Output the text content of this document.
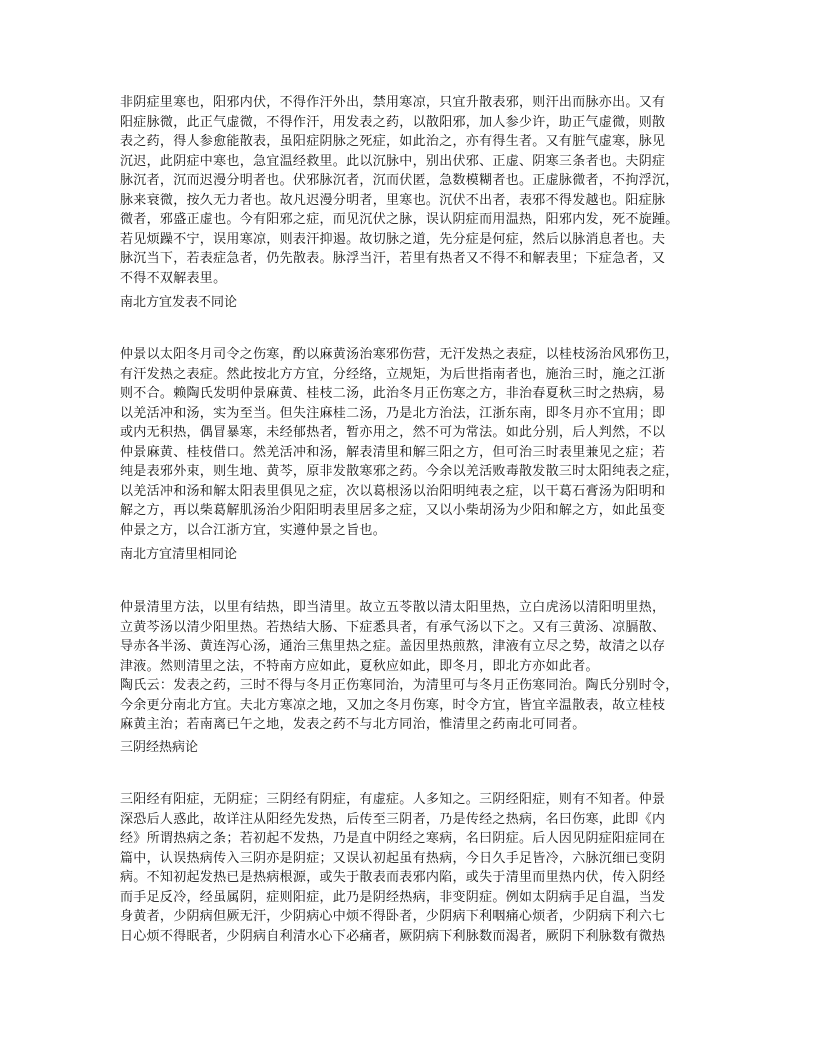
非阴症里寒也，阳邪内伏，不得作汗外出，禁用寒凉，只宜升散表邪，则汗出而脉亦出。又有
阳症脉微，此正气虚微，不得作汗，用发表之药，以散阳邪，加人参少许，助正气虚微，则散
表之药，得人参愈能散表，虽阳症阴脉之死症，如此治之，亦有得生者。又有脏气虚寒，脉见
沉迟，此阴症中寒也，急宜温经救里。此以沉脉中，别出伏邪、正虚、阴寒三条者也。夫阴症
脉沉者，沉而迟漫分明者也。伏邪脉沉者，沉而伏匿，急数模糊者也。正虚脉微者，不拘浮沉，
脉来衰微，按久无力者也。故凡迟漫分明者，里寒也。沉伏不出者，表邪不得发越也。阳症脉
微者，邪盛正虚也。今有阳邪之症，而见沉伏之脉，误认阴症而用温热，阳邪内发，死不旋踵。
若见烦躁不宁，误用寒凉，则表汗抑遏。故切脉之道，先分症是何症，然后以脉消息者也。夫
脉沉当下，若表症急者，仍先散表。脉浮当汗，若里有热者又不得不和解表里；下症急者，又
不得不双解表里。

南北方宜发表不同论

仲景以太阳冬月司令之伤寒，酌以麻黄汤治寒邪伤营，无汗发热之表症，以桂枝汤治风邪伤卫，
有汗发热之表症。然此按北方方宜，分经络，立规矩，为后世指南者也，施治三时，施之江浙
则不合。赖陶氏发明仲景麻黄、桂枝二汤，此治冬月正伤寒之方，非治春夏秋三时之热病，易
以羌活冲和汤，实为至当。但失注麻桂二汤，乃是北方治法，江浙东南，即冬月亦不宜用；即
或内无积热，偶冒暴寒，未经郁热者，暂亦用之，然不可为常法。如此分别，后人判然，不以
仲景麻黄、桂枝借口。然羌活冲和汤，解表清里和解三阳之方，但可治三时表里兼见之症；若
纯是表邪外束，则生地、黄芩，原非发散寒邪之药。今余以羌活败毒散发散三时太阳纯表之症，
以羌活冲和汤和解太阳表里俱见之症，次以葛根汤以治阳明纯表之症，以干葛石膏汤为阳明和
解之方，再以柴葛解肌汤治少阳阳明表里居多之症，又以小柴胡汤为少阳和解之方，如此虽变
仲景之方，以合江浙方宜，实遵仲景之旨也。

南北方宜清里相同论

仲景清里方法，以里有结热，即当清里。故立五苓散以清太阳里热，立白虎汤以清阳明里热，
立黄芩汤以清少阳里热。若热结大肠、下症悉具者，有承气汤以下之。又有三黄汤、凉膈散、
导赤各半汤、黄连泻心汤，通治三焦里热之症。盖因里热煎熬，津液有立尽之势，故清之以存
津液。然则清里之法，不特南方应如此，夏秋应如此，即冬月，即北方亦如此者。
陶氏云：发表之药，三时不得与冬月正伤寒同治，为清里可与冬月正伤寒同治。陶氏分别时令，
今余更分南北方宜。夫北方寒凉之地，又加之冬月伤寒，时令方宜，皆宜辛温散表，故立桂枝
麻黄主治；若南离已午之地，发表之药不与北方同治，惟清里之药南北可同者。

三阴经热病论

三阳经有阳症，无阴症；三阴经有阴症，有虚症。人多知之。三阴经阳症，则有不知者。仲景
深恐后人惑此，故详注从阳经先发热，后传至三阴者，乃是传经之热病，名曰伤寒，此即《内
经》所谓热病之条；若初起不发热，乃是直中阴经之寒病，名曰阴症。后人因见阴症阳症同在
篇中，认误热病传入三阴亦是阴症；又误认初起虽有热病，今日久手足皆冷，六脉沉细已变阴
病。不知初起发热已是热病根源，或失于散表而表邪内陷，或失于清里而里热内伏，传入阴经
而手足反冷，经虽属阴，症则阳症，此乃是阴经热病，非变阴症。例如太阴病手足自温，当发
身黄者，少阴病但厥无汗，少阴病心中烦不得卧者，少阴病下利咽痛心烦者，少阴病下利六七
日心烦不得眠者，少阴病自利清水心下必痛者，厥阴病下利脉数而渴者，厥阴下利脉数有微热
